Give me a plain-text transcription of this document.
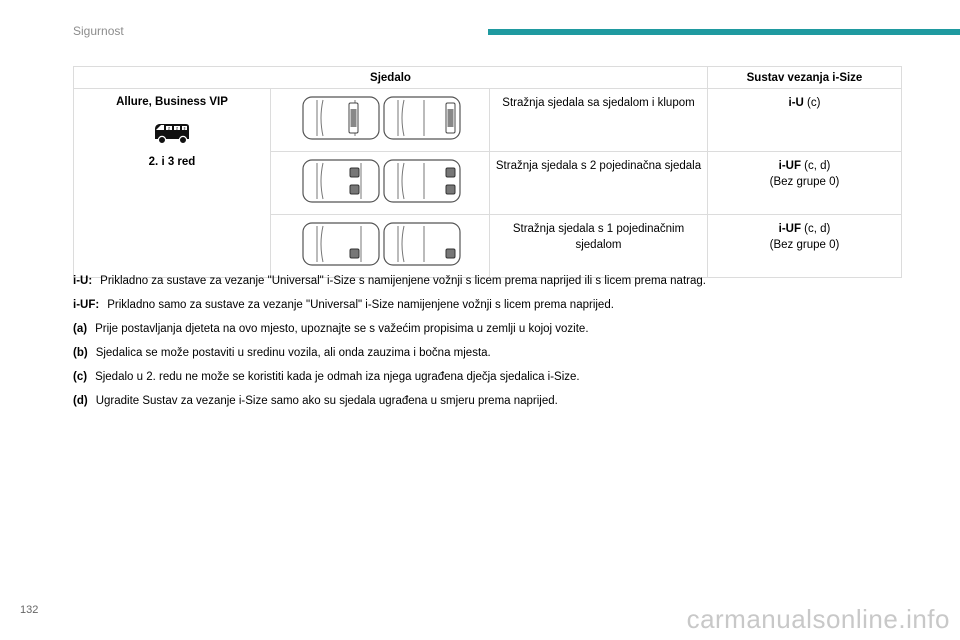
Sigurnost
Sjedalo			Sustav vezanja i-Size

Allure, Business VIP
2 2 3
2. i 3 red		Stražnja sjedala sa sjedalom i klupom	i-U (c)

	Stražnja sjedala s 2 pojedinačna sjedala	i-UF (c, d)
(Bez grupe 0)
	Stražnja sjedala s 1 pojedinačnim sjedalom	i-UF (c, d)
(Bez grupe 0)
i-U: Prikladno za sustave za vezanje "Universal" i-Size s namijenjene vožnji s licem prema naprijed ili s licem prema natrag.
i-UF: Prikladno samo za sustave za vezanje "Universal" i-Size namijenjene vožnji s licem prema naprijed.
(a) Prije postavljanja djeteta na ovo mjesto, upoznajte se s važećim propisima u zemlji u kojoj vozite.
(b) Sjedalica se može postaviti u sredinu vozila, ali onda zauzima i bočna mjesta.
(c) Sjedalo u 2. redu ne može se koristiti kada je odmah iza njega ugrađena dječja sjedalica i-Size.
(d) Ugradite Sustav za vezanje i-Size samo ako su sjedala ugrađena u smjeru prema naprijed.
132	carmanualsonline.info
